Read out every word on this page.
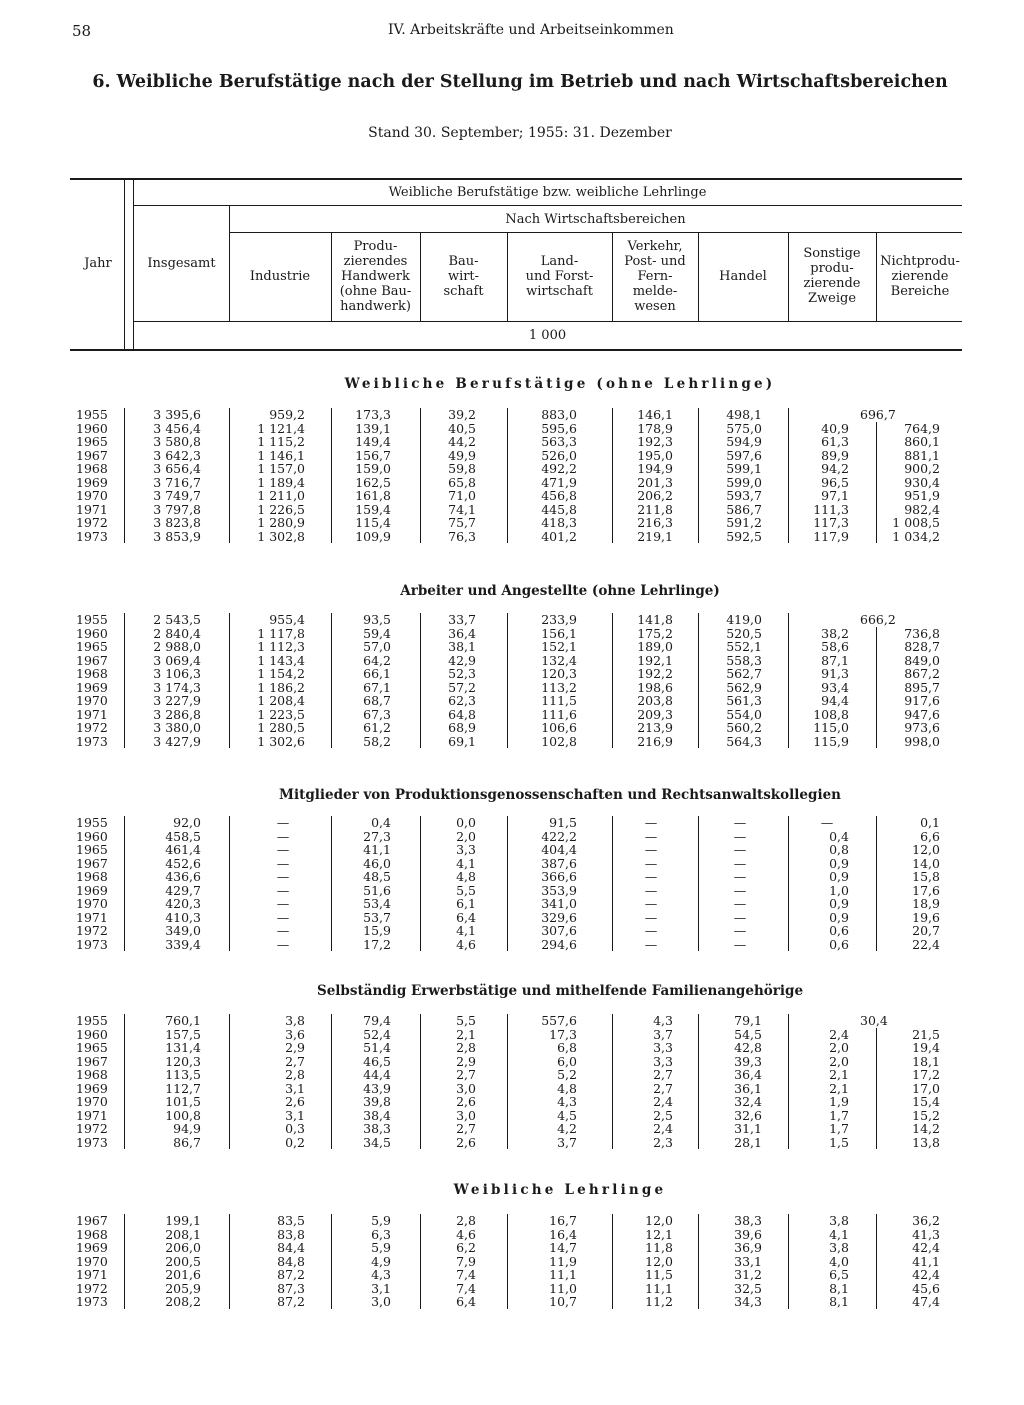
58	IV. Arbeitskräfte und Arbeitseinkommen
6. Weibliche Berufstätige nach der Stellung im Betrieb und nach Wirtschaftsbereichen
Stand 30. September; 1955: 31. Dezember
Jahr	Insgesamt
Weibliche Berufstätige bzw. weibliche Lehrlinge
Nach Wirtschaftsbereichen
1 000
Industrie
Produ-
zierendes
Handwerk
(ohne Bau-
handwerk)
Bau-
wirt-
schaft
Land-
und Forst-
wirtschaft
Verkehr,
Post- und
Fern-
melde-
wesen
Handel
Sonstige
produ-
zierende
Zweige
Nichtprodu-
zierende
Bereiche
Weibliche Berufstätige (ohne Lehrlinge)
1955	3 395,6	959,2	173,3	39,2	883,0	146,1	498,1	696,7
1960	3 456,4	1 121,4	139,1	40,5	595,6	178,9	575,0	40,9	764,9
1965	3 580,8	1 115,2	149,4	44,2	563,3	192,3	594,9	61,3	860,1
1967	3 642,3	1 146,1	156,7	49,9	526,0	195,0	597,6	89,9	881,1
1968	3 656,4	1 157,0	159,0	59,8	492,2	194,9	599,1	94,2	900,2
1969	3 716,7	1 189,4	162,5	65,8	471,9	201,3	599,0	96,5	930,4
1970	3 749,7	1 211,0	161,8	71,0	456,8	206,2	593,7	97,1	951,9
1971	3 797,8	1 226,5	159,4	74,1	445,8	211,8	586,7	111,3	982,4
1972	3 823,8	1 280,9	115,4	75,7	418,3	216,3	591,2	117,3	1 008,5
1973	3 853,9	1 302,8	109,9	76,3	401,2	219,1	592,5	117,9	1 034,2
Arbeiter und Angestellte (ohne Lehrlinge)
1955	2 543,5	955,4	93,5	33,7	233,9	141,8	419,0	666,2
1960	2 840,4	1 117,8	59,4	36,4	156,1	175,2	520,5	38,2	736,8
1965	2 988,0	1 112,3	57,0	38,1	152,1	189,0	552,1	58,6	828,7
1967	3 069,4	1 143,4	64,2	42,9	132,4	192,1	558,3	87,1	849,0
1968	3 106,3	1 154,2	66,1	52,3	120,3	192,2	562,7	91,3	867,2
1969	3 174,3	1 186,2	67,1	57,2	113,2	198,6	562,9	93,4	895,7
1970	3 227,9	1 208,4	68,7	62,3	111,5	203,8	561,3	94,4	917,6
1971	3 286,8	1 223,5	67,3	64,8	111,6	209,3	554,0	108,8	947,6
1972	3 380,0	1 280,5	61,2	68,9	106,6	213,9	560,2	115,0	973,6
1973	3 427,9	1 302,6	58,2	69,1	102,8	216,9	564,3	115,9	998,0
Mitglieder von Produktionsgenossenschaften und Rechtsanwaltskollegien
1955	92,0	—	0,4	0,0	91,5	—	—	—	0,1
1960	458,5	—	27,3	2,0	422,2	—	—	0,4	6,6
1965	461,4	—	41,1	3,3	404,4	—	—	0,8	12,0
1967	452,6	—	46,0	4,1	387,6	—	—	0,9	14,0
1968	436,6	—	48,5	4,8	366,6	—	—	0,9	15,8
1969	429,7	—	51,6	5,5	353,9	—	—	1,0	17,6
1970	420,3	—	53,4	6,1	341,0	—	—	0,9	18,9
1971	410,3	—	53,7	6,4	329,6	—	—	0,9	19,6
1972	349,0	—	15,9	4,1	307,6	—	—	0,6	20,7
1973	339,4	—	17,2	4,6	294,6	—	—	0,6	22,4
Selbständig Erwerbstätige und mithelfende Familienangehörige
1955	760,1	3,8	79,4	5,5	557,6	4,3	79,1	30,4
1960	157,5	3,6	52,4	2,1	17,3	3,7	54,5	2,4	21,5
1965	131,4	2,9	51,4	2,8	6,8	3,3	42,8	2,0	19,4
1967	120,3	2,7	46,5	2,9	6,0	3,3	39,3	2,0	18,1
1968	113,5	2,8	44,4	2,7	5,2	2,7	36,4	2,1	17,2
1969	112,7	3,1	43,9	3,0	4,8	2,7	36,1	2,1	17,0
1970	101,5	2,6	39,8	2,6	4,3	2,4	32,4	1,9	15,4
1971	100,8	3,1	38,4	3,0	4,5	2,5	32,6	1,7	15,2
1972	94,9	0,3	38,3	2,7	4,2	2,4	31,1	1,7	14,2
1973	86,7	0,2	34,5	2,6	3,7	2,3	28,1	1,5	13,8
Weibliche Lehrlinge
1967	199,1	83,5	5,9	2,8	16,7	12,0	38,3	3,8	36,2
1968	208,1	83,8	6,3	4,6	16,4	12,1	39,6	4,1	41,3
1969	206,0	84,4	5,9	6,2	14,7	11,8	36,9	3,8	42,4
1970	200,5	84,8	4,9	7,9	11,9	12,0	33,1	4,0	41,1
1971	201,6	87,2	4,3	7,4	11,1	11,5	31,2	6,5	42,4
1972	205,9	87,3	3,1	7,4	11,0	11,1	32,5	8,1	45,6
1973	208,2	87,2	3,0	6,4	10,7	11,2	34,3	8,1	47,4
